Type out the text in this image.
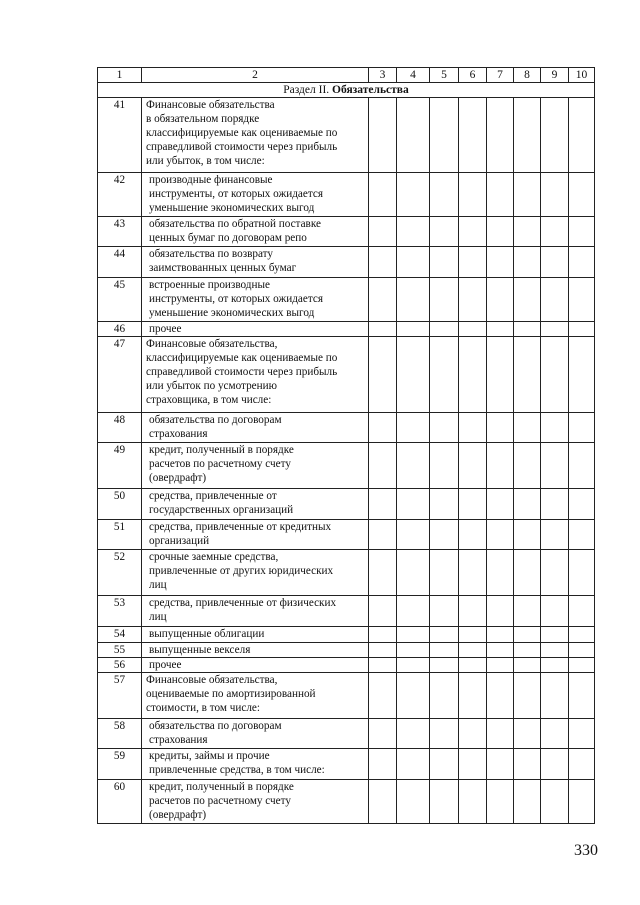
1	2	3	4	5	6	7	8	9	10
Раздел II. Обязательства									
41	Финансовые обязательства
в обязательном порядке
классифицируемые как оцениваемые по
справедливой стоимости через прибыль
или убыток, в том числе:								

42	производные финансовые
инструменты, от которых ожидается
уменьшение экономических выгод								

43	обязательства по обратной поставке
ценных бумаг по договорам репо								

44	обязательства по возврату
заимствованных ценных бумаг								

45	встроенные производные
инструменты, от которых ожидается
уменьшение экономических выгод								

46	прочее								

47	Финансовые обязательства,
классифицируемые как оцениваемые по
справедливой стоимости через прибыль
или убыток по усмотрению
страховщика, в том числе:								

48	обязательства по договорам
страхования								

49	кредит, полученный в порядке
расчетов по расчетному счету
(овердрафт)								

50	средства, привлеченные от
государственных организаций								

51	средства, привлеченные от кредитных
организаций								

52	срочные заемные средства,
привлеченные от других юридических
лиц								

53	средства, привлеченные от физических
лиц								

54	выпущенные облигации								

55	выпущенные векселя								

56	прочее								

57	Финансовые обязательства,
оцениваемые по амортизированной
стоимости, в том числе:								

58	обязательства по договорам
страхования								

59	кредиты, займы и прочие
привлеченные средства, в том числе:								

60	кредит, полученный в порядке
расчетов по расчетному счету
(овердрафт)								

330
